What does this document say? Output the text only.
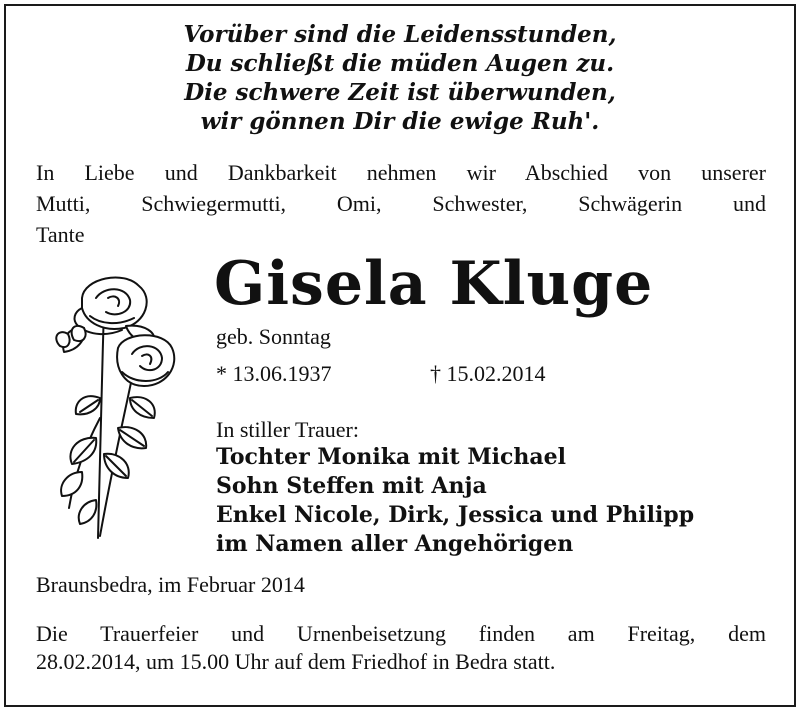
Vorüber sind die Leidensstunden,
Du schließt die müden Augen zu.
Die schwere Zeit ist überwunden,
wir gönnen Dir die ewige Ruh'.
In Liebe und Dankbarkeit nehmen wir Abschied von unserer
Mutti, Schwiegermutti, Omi, Schwester, Schwägerin und
Tante
Gisela Kluge
geb. Sonntag
* 13.06.1937	† 15.02.2014
In stiller Trauer:
Tochter Monika mit Michael
Sohn Steffen mit Anja
Enkel Nicole, Dirk, Jessica und Philipp
im Namen aller Angehörigen
Braunsbedra, im Februar 2014
Die Trauerfeier und Urnenbeisetzung finden am Freitag, dem
28.02.2014, um 15.00 Uhr auf dem Friedhof in Bedra statt.
